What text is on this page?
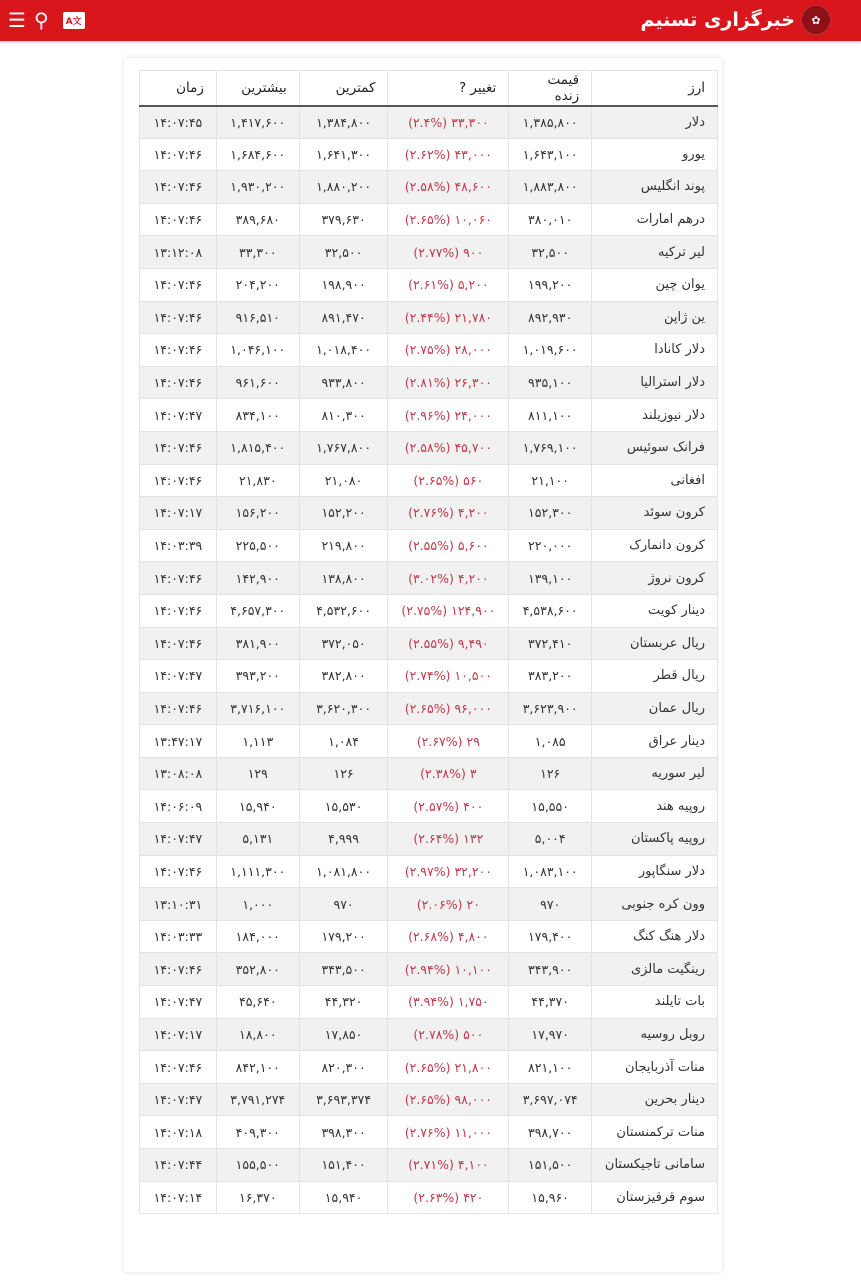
☰ ⚲	A文	✿
خبرگزاری تسنیم
ارز	قیمت زنده	تغییر ?	کمترین	بیشترین	زمان
دلار	۱,۳۸۵,۸۰۰	۳۳,۳۰۰ (۲.۴%)	۱,۳۸۴,۸۰۰	۱,۴۱۷,۶۰۰	۱۴:۰۷:۴۵
یورو	۱,۶۴۳,۱۰۰	۴۳,۰۰۰ (۲.۶۲%)	۱,۶۴۱,۳۰۰	۱,۶۸۴,۶۰۰	۱۴:۰۷:۴۶
پوند انگلیس	۱,۸۸۳,۸۰۰	۴۸,۶۰۰ (۲.۵۸%)	۱,۸۸۰,۲۰۰	۱,۹۳۰,۲۰۰	۱۴:۰۷:۴۶
درهم امارات	۳۸۰,۰۱۰	۱۰,۰۶۰ (۲.۶۵%)	۳۷۹,۶۳۰	۳۸۹,۶۸۰	۱۴:۰۷:۴۶
لیر ترکیه	۳۲,۵۰۰	۹۰۰ (۲.۷۷%)	۳۲,۵۰۰	۳۳,۳۰۰	۱۳:۱۲:۰۸
یوان چین	۱۹۹,۲۰۰	۵,۲۰۰ (۲.۶۱%)	۱۹۸,۹۰۰	۲۰۴,۲۰۰	۱۴:۰۷:۴۶
ین ژاپن	۸۹۲,۹۳۰	۲۱,۷۸۰ (۲.۴۴%)	۸۹۱,۴۷۰	۹۱۶,۵۱۰	۱۴:۰۷:۴۶
دلار کانادا	۱,۰۱۹,۶۰۰	۲۸,۰۰۰ (۲.۷۵%)	۱,۰۱۸,۴۰۰	۱,۰۴۶,۱۰۰	۱۴:۰۷:۴۶
دلار استرالیا	۹۳۵,۱۰۰	۲۶,۳۰۰ (۲.۸۱%)	۹۳۳,۸۰۰	۹۶۱,۶۰۰	۱۴:۰۷:۴۶
دلار نیوزیلند	۸۱۱,۱۰۰	۲۴,۰۰۰ (۲.۹۶%)	۸۱۰,۳۰۰	۸۳۴,۱۰۰	۱۴:۰۷:۴۷
فرانک سوئیس	۱,۷۶۹,۱۰۰	۴۵,۷۰۰ (۲.۵۸%)	۱,۷۶۷,۸۰۰	۱,۸۱۵,۴۰۰	۱۴:۰۷:۴۶
افغانی	۲۱,۱۰۰	۵۶۰ (۲.۶۵%)	۲۱,۰۸۰	۲۱,۸۳۰	۱۴:۰۷:۴۶
کرون سوئد	۱۵۲,۳۰۰	۴,۲۰۰ (۲.۷۶%)	۱۵۲,۲۰۰	۱۵۶,۲۰۰	۱۴:۰۷:۱۷
کرون دانمارک	۲۲۰,۰۰۰	۵,۶۰۰ (۲.۵۵%)	۲۱۹,۸۰۰	۲۲۵,۵۰۰	۱۴:۰۳:۳۹
کرون نروژ	۱۳۹,۱۰۰	۴,۲۰۰ (۳.۰۲%)	۱۳۸,۸۰۰	۱۴۲,۹۰۰	۱۴:۰۷:۴۶
دینار کویت	۴,۵۳۸,۶۰۰	۱۲۴,۹۰۰ (۲.۷۵%)	۴,۵۳۲,۶۰۰	۴,۶۵۷,۳۰۰	۱۴:۰۷:۴۶
ریال عربستان	۳۷۲,۴۱۰	۹,۴۹۰ (۲.۵۵%)	۳۷۲,۰۵۰	۳۸۱,۹۰۰	۱۴:۰۷:۴۶
ریال قطر	۳۸۳,۲۰۰	۱۰,۵۰۰ (۲.۷۴%)	۳۸۲,۸۰۰	۳۹۳,۲۰۰	۱۴:۰۷:۴۷
ریال عمان	۳,۶۲۳,۹۰۰	۹۶,۰۰۰ (۲.۶۵%)	۳,۶۲۰,۳۰۰	۳,۷۱۶,۱۰۰	۱۴:۰۷:۴۶
دینار عراق	۱,۰۸۵	۲۹ (۲.۶۷%)	۱,۰۸۴	۱,۱۱۳	۱۳:۴۷:۱۷
لیر سوریه	۱۲۶	۳ (۲.۳۸%)	۱۲۶	۱۲۹	۱۳:۰۸:۰۸
روپیه هند	۱۵,۵۵۰	۴۰۰ (۲.۵۷%)	۱۵,۵۳۰	۱۵,۹۴۰	۱۴:۰۶:۰۹
روپیه پاکستان	۵,۰۰۴	۱۳۲ (۲.۶۴%)	۴,۹۹۹	۵,۱۳۱	۱۴:۰۷:۴۷
دلار سنگاپور	۱,۰۸۳,۱۰۰	۳۲,۲۰۰ (۲.۹۷%)	۱,۰۸۱,۸۰۰	۱,۱۱۱,۳۰۰	۱۴:۰۷:۴۶
وون کره جنوبی	۹۷۰	۲۰ (۲.۰۶%)	۹۷۰	۱,۰۰۰	۱۳:۱۰:۳۱
دلار هنگ کنگ	۱۷۹,۴۰۰	۴,۸۰۰ (۲.۶۸%)	۱۷۹,۲۰۰	۱۸۴,۰۰۰	۱۴:۰۳:۳۳
رینگیت مالزی	۳۴۳,۹۰۰	۱۰,۱۰۰ (۲.۹۴%)	۳۴۳,۵۰۰	۳۵۲,۸۰۰	۱۴:۰۷:۴۶
بات تایلند	۴۴,۳۷۰	۱,۷۵۰ (۳.۹۴%)	۴۴,۳۲۰	۴۵,۶۴۰	۱۴:۰۷:۴۷
روبل روسیه	۱۷,۹۷۰	۵۰۰ (۲.۷۸%)	۱۷,۸۵۰	۱۸,۸۰۰	۱۴:۰۷:۱۷
منات آذربایجان	۸۲۱,۱۰۰	۲۱,۸۰۰ (۲.۶۵%)	۸۲۰,۳۰۰	۸۴۲,۱۰۰	۱۴:۰۷:۴۶
دینار بحرین	۳,۶۹۷,۰۷۴	۹۸,۰۰۰ (۲.۶۵%)	۳,۶۹۳,۳۷۴	۳,۷۹۱,۲۷۴	۱۴:۰۷:۴۷
منات ترکمنستان	۳۹۸,۷۰۰	۱۱,۰۰۰ (۲.۷۶%)	۳۹۸,۳۰۰	۴۰۹,۳۰۰	۱۴:۰۷:۱۸
سامانی تاجیکستان	۱۵۱,۵۰۰	۴,۱۰۰ (۲.۷۱%)	۱۵۱,۴۰۰	۱۵۵,۵۰۰	۱۴:۰۷:۴۴
سوم قرقیزستان	۱۵,۹۶۰	۴۲۰ (۲.۶۳%)	۱۵,۹۴۰	۱۶,۳۷۰	۱۴:۰۷:۱۴
